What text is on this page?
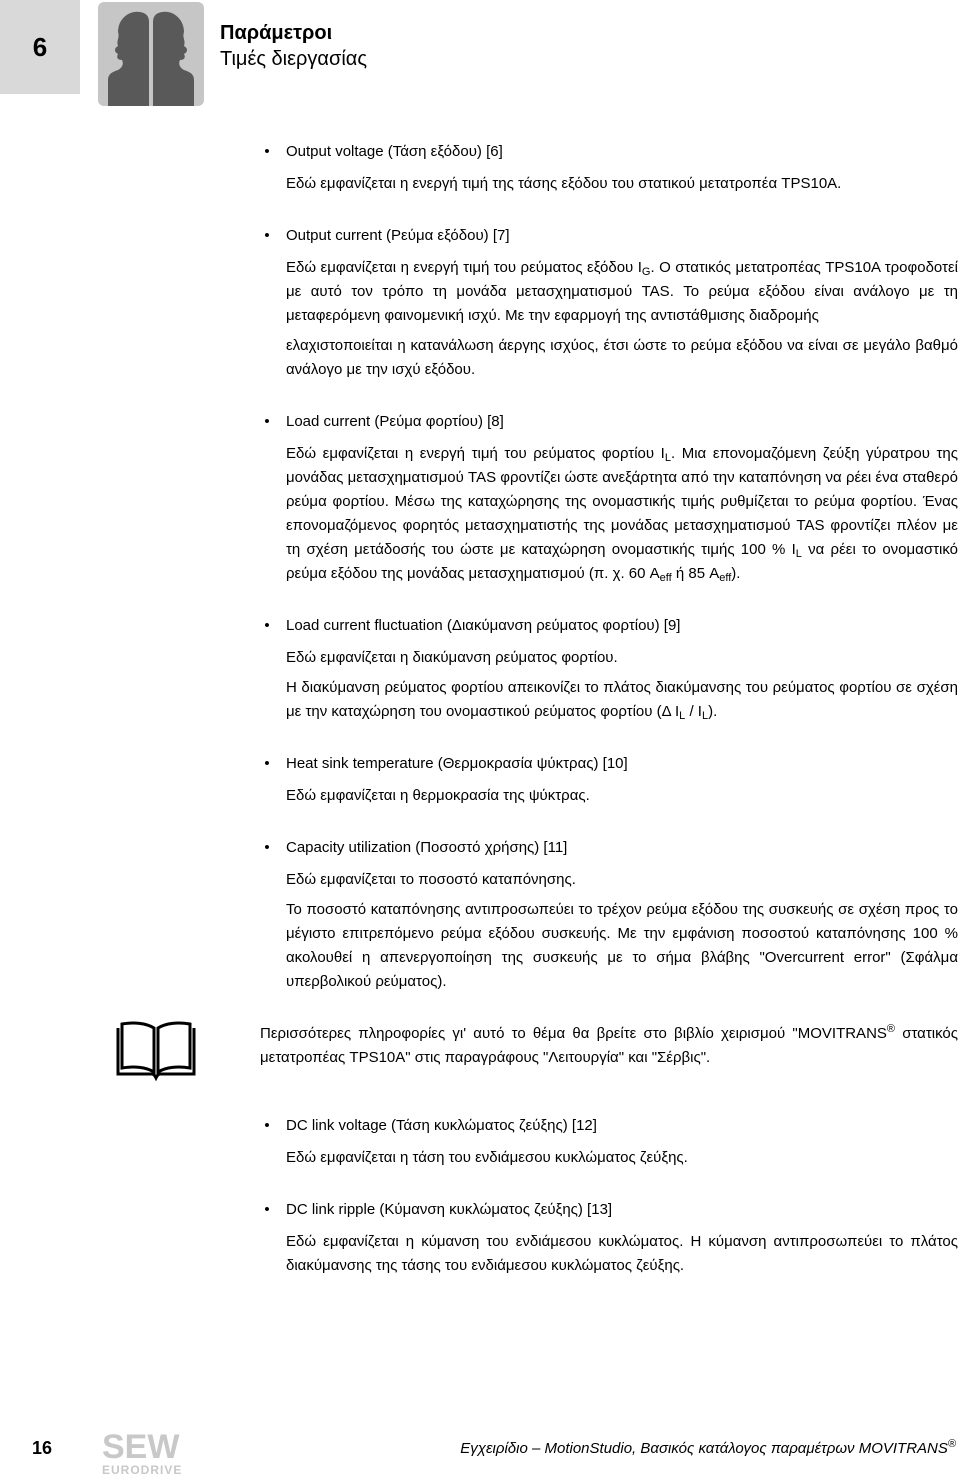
6	Παράμετροι
Τιμές διεργασίας
• Output voltage (Τάση εξόδου) [6]

Εδώ εμφανίζεται η ενεργή τιμή της τάσης εξόδου του στατικού μετατροπέα TPS10A.

• Output current (Ρεύμα εξόδου) [7]

Εδώ εμφανίζεται η ενεργή τιμή του ρεύματος εξόδου $I_G$. Ο στατικός μετατροπέας TPS10A τροφοδοτεί με αυτό τον τρόπο τη μονάδα μετασχηματισμού TAS. Το ρεύμα εξόδου είναι ανάλογο με τη μεταφερόμενη φαινομενική ισχύ. Με την εφαρμογή της αντιστάθμισης διαδρομής

ελαχιστοποιείται η κατανάλωση άεργης ισχύος, έτσι ώστε το ρεύμα εξόδου να είναι σε μεγάλο βαθμό ανάλογο με την ισχύ εξόδου.

• Load current (Ρεύμα φορτίου) [8]

Εδώ εμφανίζεται η ενεργή τιμή του ρεύματος φορτίου $I_L$. Μια επονομαζόμενη ζεύξη γύρατρου της μονάδας μετασχηματισμού TAS φροντίζει ώστε ανεξάρτητα από την καταπόνηση να ρέει ένα σταθερό ρεύμα φορτίου. Μέσω της καταχώρησης της ονομαστικής τιμής ρυθμίζεται το ρεύμα φορτίου. Ένας επονομαζόμενος φορητός μετασχηματιστής της μονάδας μετασχηματισμού TAS φροντίζει πλέον με τη σχέση μετάδοσής του ώστε με καταχώρηση ονομαστικής τιμής 100 % $I_L$ να ρέει το ονομαστικό ρεύμα εξόδου της μονάδας μετασχηματισμού (π. χ. 60 $A_{eff}$ ή 85 $A_{eff}$).

• Load current fluctuation (Διακύμανση ρεύματος φορτίου) [9]

Εδώ εμφανίζεται η διακύμανση ρεύματος φορτίου.

Η διακύμανση ρεύματος φορτίου απεικονίζει το πλάτος διακύμανσης του ρεύματος φορτίου σε σχέση με την καταχώρηση του ονομαστικού ρεύματος φορτίου (Δ $I_L / I_L$).

• Heat sink temperature (Θερμοκρασία ψύκτρας) [10]

Εδώ εμφανίζεται η θερμοκρασία της ψύκτρας.

• Capacity utilization (Ποσοστό χρήσης) [11]

Εδώ εμφανίζεται το ποσοστό καταπόνησης.

Το ποσοστό καταπόνησης αντιπροσωπεύει το τρέχον ρεύμα εξόδου της συσκευής σε σχέση προς το μέγιστο επιτρεπόμενο ρεύμα εξόδου συσκευής. Με την εμφάνιση ποσοστού καταπόνησης 100 % ακολουθεί η απενεργοποίηση της συσκευής με το σήμα βλάβης "Overcurrent error" (Σφάλμα υπερβολικού ρεύματος).

Περισσότερες πληροφορίες γι' αυτό το θέμα θα βρείτε στο βιβλίο χειρισμού "MOVITRANS® στατικός μετατροπέας TPS10A" στις παραγράφους "Λειτουργία" και "Σέρβις".

• DC link voltage (Τάση κυκλώματος ζεύξης) [12]

Εδώ εμφανίζεται η τάση του ενδιάμεσου κυκλώματος ζεύξης.

• DC link ripple (Κύμανση κυκλώματος ζεύξης) [13]

Εδώ εμφανίζεται η κύμανση του ενδιάμεσου κυκλώματος. Η κύμανση αντιπροσωπεύει το πλάτος διακύμανσης της τάσης του ενδιάμεσου κυκλώματος ζεύξης.

16 SEW
EURODRIVE
Εγχειρίδιο – MotionStudio, Βασικός κατάλογος παραμέτρων MOVITRANS®
